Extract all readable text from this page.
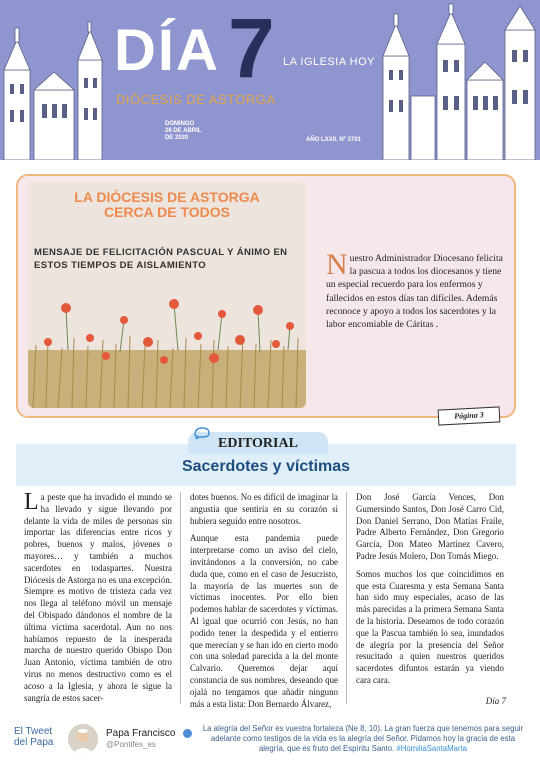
DÍA 7 LA IGLESIA HOY
DIÓCESIS DE ASTORGA
DOMINGO
26 DE ABRIL
DE 2020	AÑO LXXII. Nº 3701
LA DIÓCESIS DE ASTORGA
CERCA DE TODOS
MENSAJE DE FELICITACIÓN PASCUAL Y ÁNIMO EN
ESTOS TIEMPOS DE AISLAMIENTO	Nuestro Administrador Diocesano felicita la pascua a todos los diocesanos y tiene un especial recuerdo para los enfermos y fallecidos en estos días tan difíciles. Además reconoce y apoyo a todos los sacerdotes y la labor encomiable de Cáritas .
Página 3
EDITORIAL
Sacerdotes y víctimas

La peste que ha invadido el mundo se ha llevado y sigue llevando por delante la vida de miles de personas sin importar las diferencias entre ricos y pobres, buenos y malos, jóvenes o mayores… y también a muchos sacerdotes en todaspartes. Nuestra Diócesis de Astorga no es una excepción. Siempre es motivo de tristeza cada vez nos llega al teléfono móvil un mensaje del Obispado dándonos el nombre de la última víctima sacerdotal. Aun no nos habíamos repuesto de la inesperada marcha de nuestro querido Obispo Don Juan Antonio, víctima también de otro virus no menos destructivo como es el acoso a la Iglesia, y ahora le sigue la sangría de estos sacer-

dotes buenos. No es difícil de imaginar la angustia que sentiría en su corazón si hubiera seguido entre nosotros.

Aunque esta pandemia puede interpretarse como un aviso del cielo, invitándonos a la conversión, no cabe duda que, como en el caso de Jesucristo, la mayoría de las muertes son de víctimas inocentes. Por ello bien podemos hablar de sacerdotes y víctimas. Al igual que ocurrió con Jesús, no han podido tener la despedida y el entierro que merecían y se han ido en cierto modo con una soledad parecida a la del monte Calvario. Queremos dejar aquí constancia de sus nombres, deseando que ojalá no tengamos que añadir ninguno más a esta lista: Don Bernardo Álvarez,

Don José García Vences, Don Gumersindo Santos, Don José Carro Cid, Don Daniel Serrano, Don Matías Fraile, Padre Alberto Fernández, Don Gregorio García, Don Mateo Martínez Cavero, Padre Jesús Molero, Don Tomás Miego.

Somos muchos los que coincidimos en que esta Cuaresma y esta Semana Santa han sido muy especiales, acaso de las más parecidas a la primera Semana Santa de la historia. Deseamos de todo corazón que la Pascua también lo sea, inundados de alegría por la presencia del Señor resucitado a quien nuestros queridos sacerdotes difuntos estarán ya viendo cara cara.

Día 7
El Tweet
del Papa
Papa Francisco
@Pontifex_es
La alegría del Señor es vuestra fortaleza (Ne 8, 10). La gran fuerza que tenemos para seguir adelante como testigos de la vida es la alegría del Señor. Pidamos hoy la gracia de esta alegría, que es fruto del Espíritu Santo. #HomiliaSantaMarta
